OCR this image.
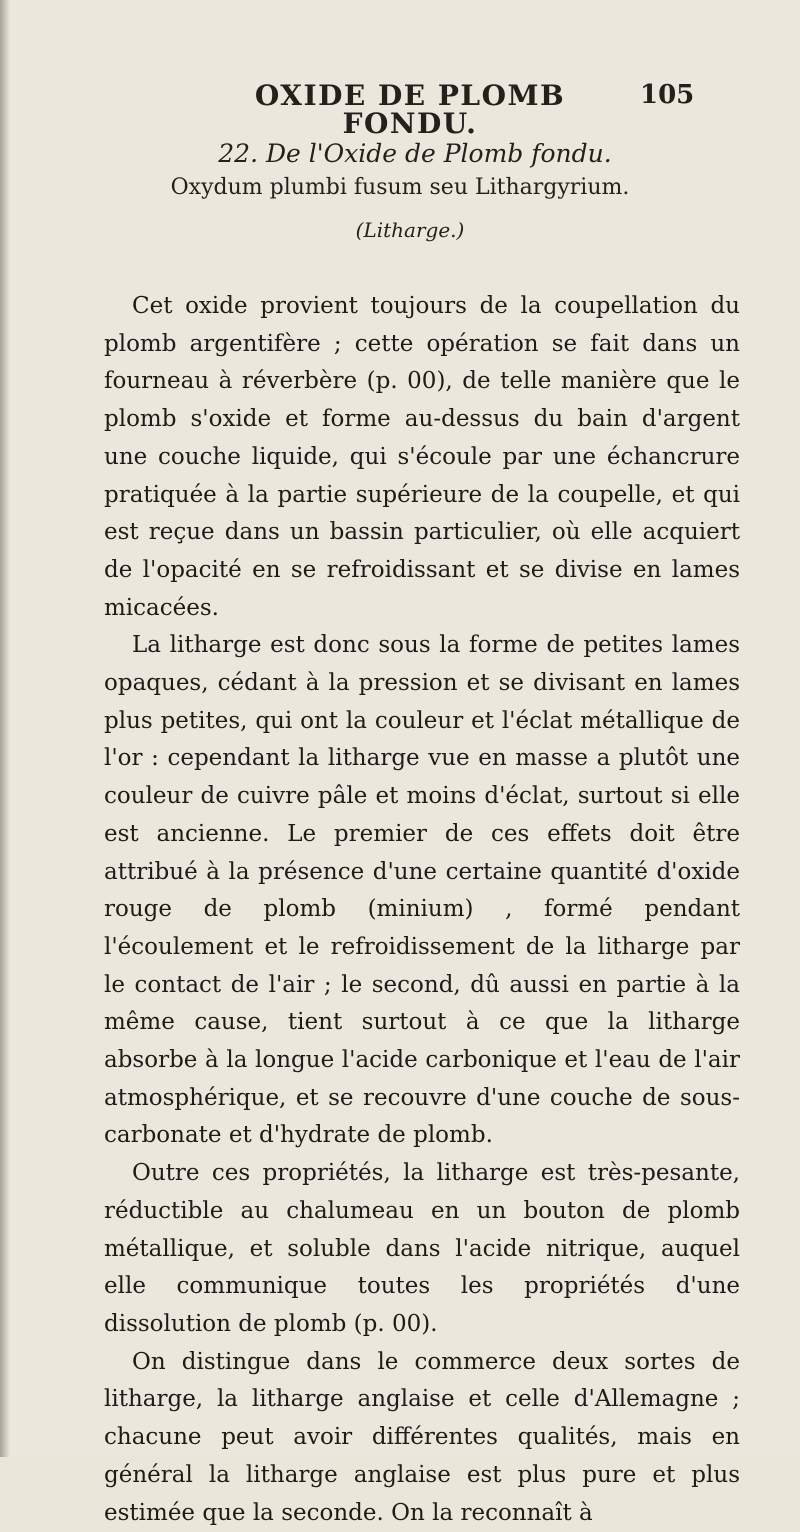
OXIDE DE PLOMB FONDU.
105

22. De l'Oxide de Plomb fondu.

Oxydum plumbi fusum seu Lithargyrium.

(Litharge.)

Cet oxide provient toujours de la coupellation du plomb argentifère ; cette opération se fait dans un fourneau à réverbère (p. 00), de telle manière que le plomb s'oxide et forme au-dessus du bain d'argent une couche liquide, qui s'écoule par une échancrure pratiquée à la partie supérieure de la coupelle, et qui est reçue dans un bassin particulier, où elle acquiert de l'opacité en se refroidissant et se divise en lames micacées.

La litharge est donc sous la forme de petites lames opaques, cédant à la pression et se divisant en lames plus petites, qui ont la couleur et l'éclat métallique de l'or : cependant la litharge vue en masse a plutôt une couleur de cuivre pâle et moins d'éclat, surtout si elle est ancienne. Le premier de ces effets doit être attribué à la présence d'une certaine quantité d'oxide rouge de plomb (minium) , formé pendant l'écoulement et le refroidissement de la litharge par le contact de l'air ; le second, dû aussi en partie à la même cause, tient surtout à ce que la litharge absorbe à la longue l'acide carbonique et l'eau de l'air atmosphérique, et se recouvre d'une couche de sous-carbonate et d'hydrate de plomb.

Outre ces propriétés, la litharge est très-pesante, réductible au chalumeau en un bouton de plomb métallique, et soluble dans l'acide nitrique, auquel elle communique toutes les propriétés d'une dissolution de plomb (p. 00).

On distingue dans le commerce deux sortes de litharge, la litharge anglaise et celle d'Allemagne ; chacune peut avoir différentes qualités, mais en général la litharge anglaise est plus pure et plus estimée que la seconde. On la reconnaît à
